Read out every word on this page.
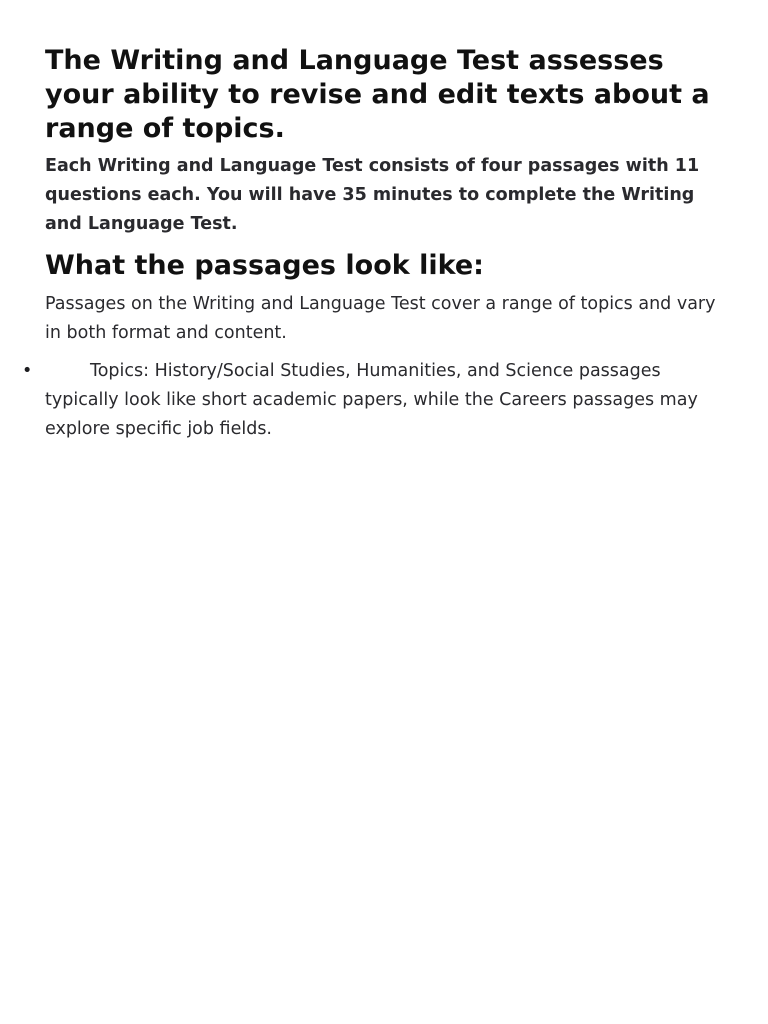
The Writing and Language Test assesses your ability to revise and edit texts about a range of topics.

Each Writing and Language Test consists of four passages with 11 questions each. You will have 35 minutes to complete the Writing and Language Test.

What the passages look like:

Passages on the Writing and Language Test cover a range of topics and vary in both format and content.

•	Topics: History/Social Studies, Humanities, and Science passages typically look like short academic papers, while the Careers passages may explore specific job fields.
